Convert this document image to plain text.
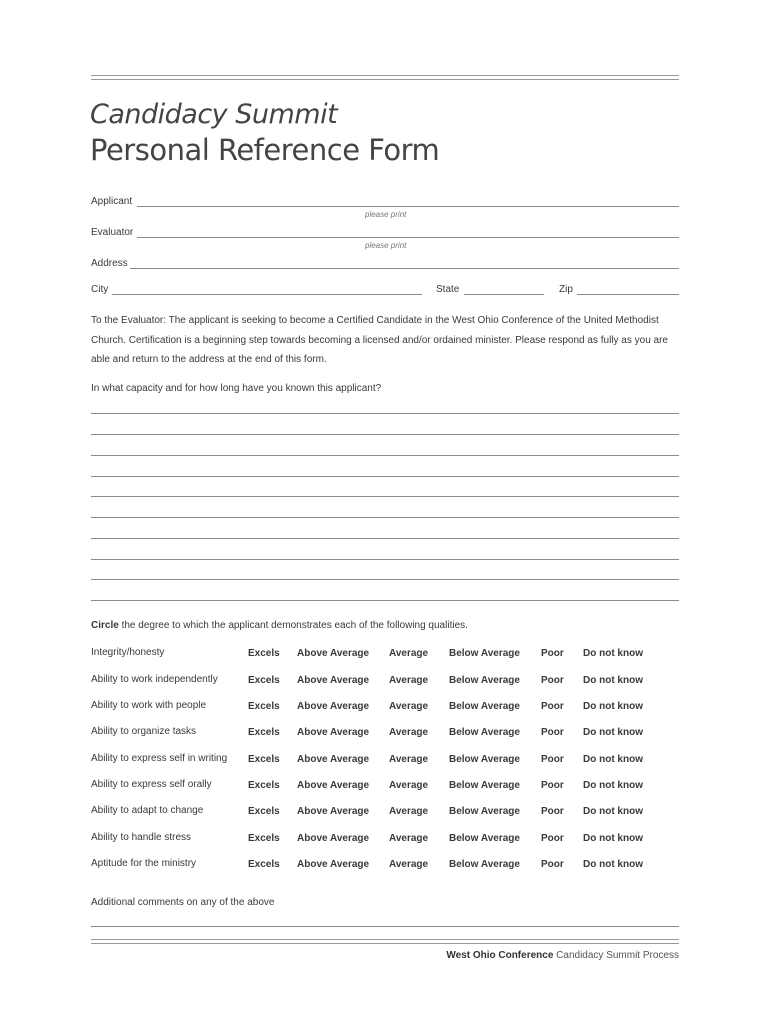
Candidacy Summit
Personal Reference Form
Applicant
please print
Evaluator
please print
Address
City	State	Zip
To the Evaluator: The applicant is seeking to become a Certified Candidate in the West Ohio Conference of the United Methodist Church. Certification is a beginning step towards becoming a licensed and/or ordained minister. Please respond as fully as you are able and return to the address at the end of this form.
In what capacity and for how long have you known this applicant?
Circle the degree to which the applicant demonstrates each of the following qualities.
Integrity/honesty	Excels Above Average Average Below Average Poor Do not know
Ability to work independently	Excels Above Average Average Below Average Poor Do not know
Ability to work with people	Excels Above Average Average Below Average Poor Do not know
Ability to organize tasks	Excels Above Average Average Below Average Poor Do not know
Ability to express self in writing Excels Above Average Average Below Average Poor Do not know
Ability to express self orally	Excels Above Average Average Below Average Poor Do not know
Ability to adapt to change	Excels Above Average Average Below Average Poor Do not know
Ability to handle stress	Excels Above Average Average Below Average Poor Do not know
Aptitude for the ministry	Excels Above Average Average Below Average Poor Do not know
Additional comments on any of the above
West Ohio Conference Candidacy Summit Process
